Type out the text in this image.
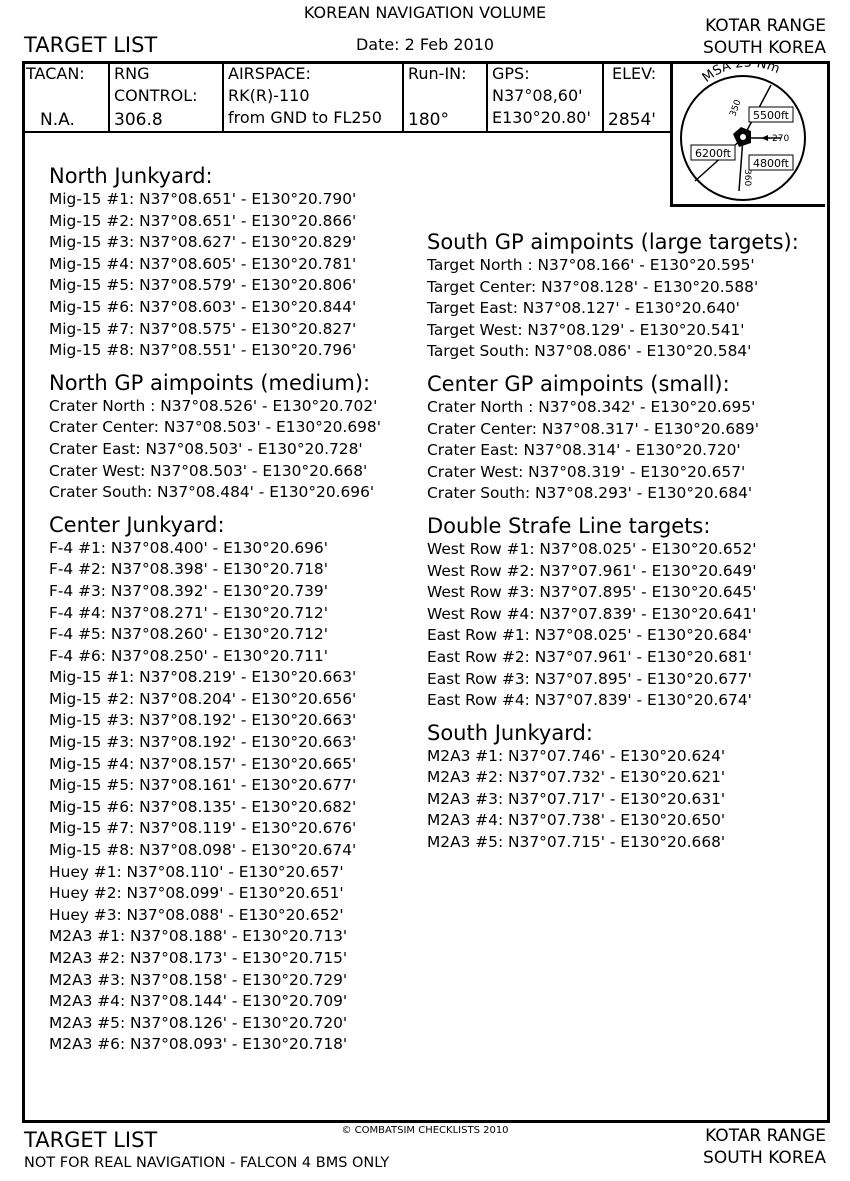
KOREAN NAVIGATION VOLUME
TARGET LIST	Date: 2 Feb 2010
KOTAR RANGE
SOUTH KOREA
TACAN:
N.A.
RNG
CONTROL:
306.8
AIRSPACE:
RK(R)-110
from GND to FL250
Run-IN:
180°
GPS:
N37°08,60'
E130°20.80'
ELEV:
2854'
MSA 25 Nm
5500ft
6200ft
4800ft
350
270
360
North Junkyard:
Mig-15 #1: N37°08.651' - E130°20.790'
Mig-15 #2: N37°08.651' - E130°20.866'
Mig-15 #3: N37°08.627' - E130°20.829'
Mig-15 #4: N37°08.605' - E130°20.781'
Mig-15 #5: N37°08.579' - E130°20.806'
Mig-15 #6: N37°08.603' - E130°20.844'
Mig-15 #7: N37°08.575' - E130°20.827'
Mig-15 #8: N37°08.551' - E130°20.796'
North GP aimpoints (medium):
Crater North : N37°08.526' - E130°20.702'
Crater Center: N37°08.503' - E130°20.698'
Crater East: N37°08.503' - E130°20.728'
Crater West: N37°08.503' - E130°20.668'
Crater South: N37°08.484' - E130°20.696'
Center Junkyard:
F-4 #1: N37°08.400' - E130°20.696'
F-4 #2: N37°08.398' - E130°20.718'
F-4 #3: N37°08.392' - E130°20.739'
F-4 #4: N37°08.271' - E130°20.712'
F-4 #5: N37°08.260' - E130°20.712'
F-4 #6: N37°08.250' - E130°20.711'
Mig-15 #1: N37°08.219' - E130°20.663'
Mig-15 #2: N37°08.204' - E130°20.656'
Mig-15 #3: N37°08.192' - E130°20.663'
Mig-15 #3: N37°08.192' - E130°20.663'
Mig-15 #4: N37°08.157' - E130°20.665'
Mig-15 #5: N37°08.161' - E130°20.677'
Mig-15 #6: N37°08.135' - E130°20.682'
Mig-15 #7: N37°08.119' - E130°20.676'
Mig-15 #8: N37°08.098' - E130°20.674'
Huey #1: N37°08.110' - E130°20.657'
Huey #2: N37°08.099' - E130°20.651'
Huey #3: N37°08.088' - E130°20.652'
M2A3 #1: N37°08.188' - E130°20.713'
M2A3 #2: N37°08.173' - E130°20.715'
M2A3 #3: N37°08.158' - E130°20.729'
M2A3 #4: N37°08.144' - E130°20.709'
M2A3 #5: N37°08.126' - E130°20.720'
M2A3 #6: N37°08.093' - E130°20.718'
South GP aimpoints (large targets):
Target North : N37°08.166' - E130°20.595'
Target Center: N37°08.128' - E130°20.588'
Target East: N37°08.127' - E130°20.640'
Target West: N37°08.129' - E130°20.541'
Target South: N37°08.086' - E130°20.584'
Center GP aimpoints (small):
Crater North : N37°08.342' - E130°20.695'
Crater Center: N37°08.317' - E130°20.689'
Crater East: N37°08.314' - E130°20.720'
Crater West: N37°08.319' - E130°20.657'
Crater South: N37°08.293' - E130°20.684'
Double Strafe Line targets:
West Row #1: N37°08.025' - E130°20.652'
West Row #2: N37°07.961' - E130°20.649'
West Row #3: N37°07.895' - E130°20.645'
West Row #4: N37°07.839' - E130°20.641'
East Row #1: N37°08.025' - E130°20.684'
East Row #2: N37°07.961' - E130°20.681'
East Row #3: N37°07.895' - E130°20.677'
East Row #4: N37°07.839' - E130°20.674'
South Junkyard:
M2A3 #1: N37°07.746' - E130°20.624'
M2A3 #2: N37°07.732' - E130°20.621'
M2A3 #3: N37°07.717' - E130°20.631'
M2A3 #4: N37°07.738' - E130°20.650'
M2A3 #5: N37°07.715' - E130°20.668'
TARGET LIST	© COMBATSIM CHECKLISTS 2010
NOT FOR REAL NAVIGATION - FALCON 4 BMS ONLY
KOTAR RANGE
SOUTH KOREA
